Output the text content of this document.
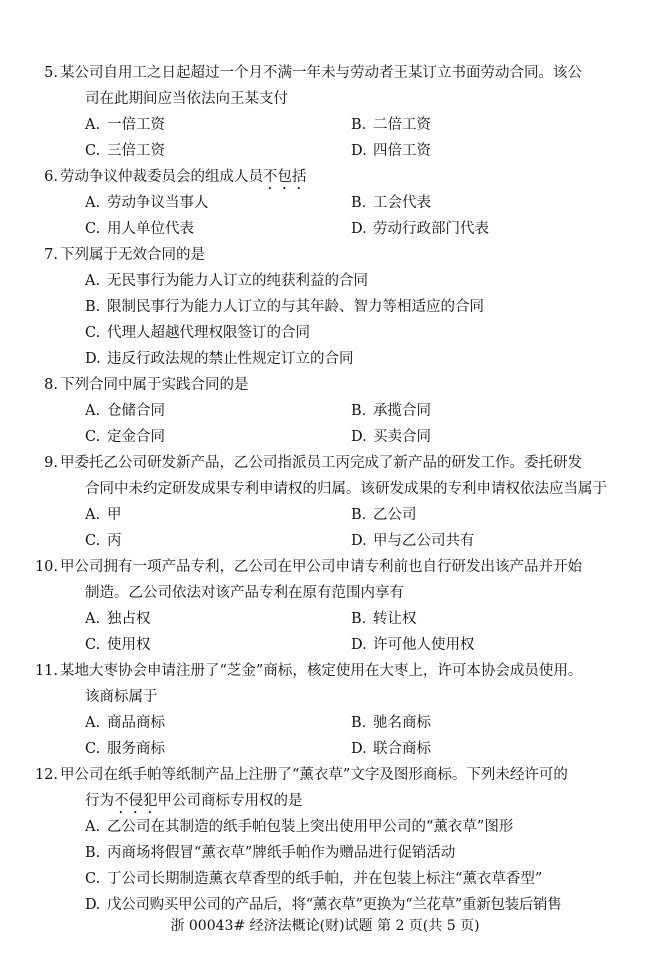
5. 某公司自用工之日起超过一个月不满一年未与劳动者王某订立书面劳动合同。该公
司在此期间应当依法向王某支付
A. 一倍工资	B. 二倍工资
C. 三倍工资	D. 四倍工资
6. 劳动争议仲裁委员会的组成人员不包括
A. 劳动争议当事人	B. 工会代表
C. 用人单位代表	D. 劳动行政部门代表
7. 下列属于无效合同的是
A. 无民事行为能力人订立的纯获利益的合同
B. 限制民事行为能力人订立的与其年龄、智力等相适应的合同
C. 代理人超越代理权限签订的合同
D. 违反行政法规的禁止性规定订立的合同
8. 下列合同中属于实践合同的是
A. 仓储合同	B. 承揽合同
C. 定金合同	D. 买卖合同
9. 甲委托乙公司研发新产品，乙公司指派员工丙完成了新产品的研发工作。委托研发
合同中未约定研发成果专利申请权的归属。该研发成果的专利申请权依法应当属于
A. 甲	B. 乙公司
C. 丙	D. 甲与乙公司共有
10. 甲公司拥有一项产品专利，乙公司在甲公司申请专利前也自行研发出该产品并开始
制造。乙公司依法对该产品专利在原有范围内享有
A. 独占权	B. 转让权
C. 使用权	D. 许可他人使用权
11. 某地大枣协会申请注册了“芝金”商标，核定使用在大枣上，许可本协会成员使用。
该商标属于
A. 商品商标	B. 驰名商标
C. 服务商标	D. 联合商标
12. 甲公司在纸手帕等纸制产品上注册了“薰衣草”文字及图形商标。下列未经许可的
行为不侵犯甲公司商标专用权的是
A. 乙公司在其制造的纸手帕包装上突出使用甲公司的“薰衣草”图形
B. 丙商场将假冒“薰衣草”牌纸手帕作为赠品进行促销活动
C. 丁公司长期制造薰衣草香型的纸手帕，并在包装上标注“薰衣草香型”
D. 戊公司购买甲公司的产品后，将“薰衣草”更换为“兰花草”重新包装后销售
浙 00043# 经济法概论(财)试题 第 2 页(共 5 页)
